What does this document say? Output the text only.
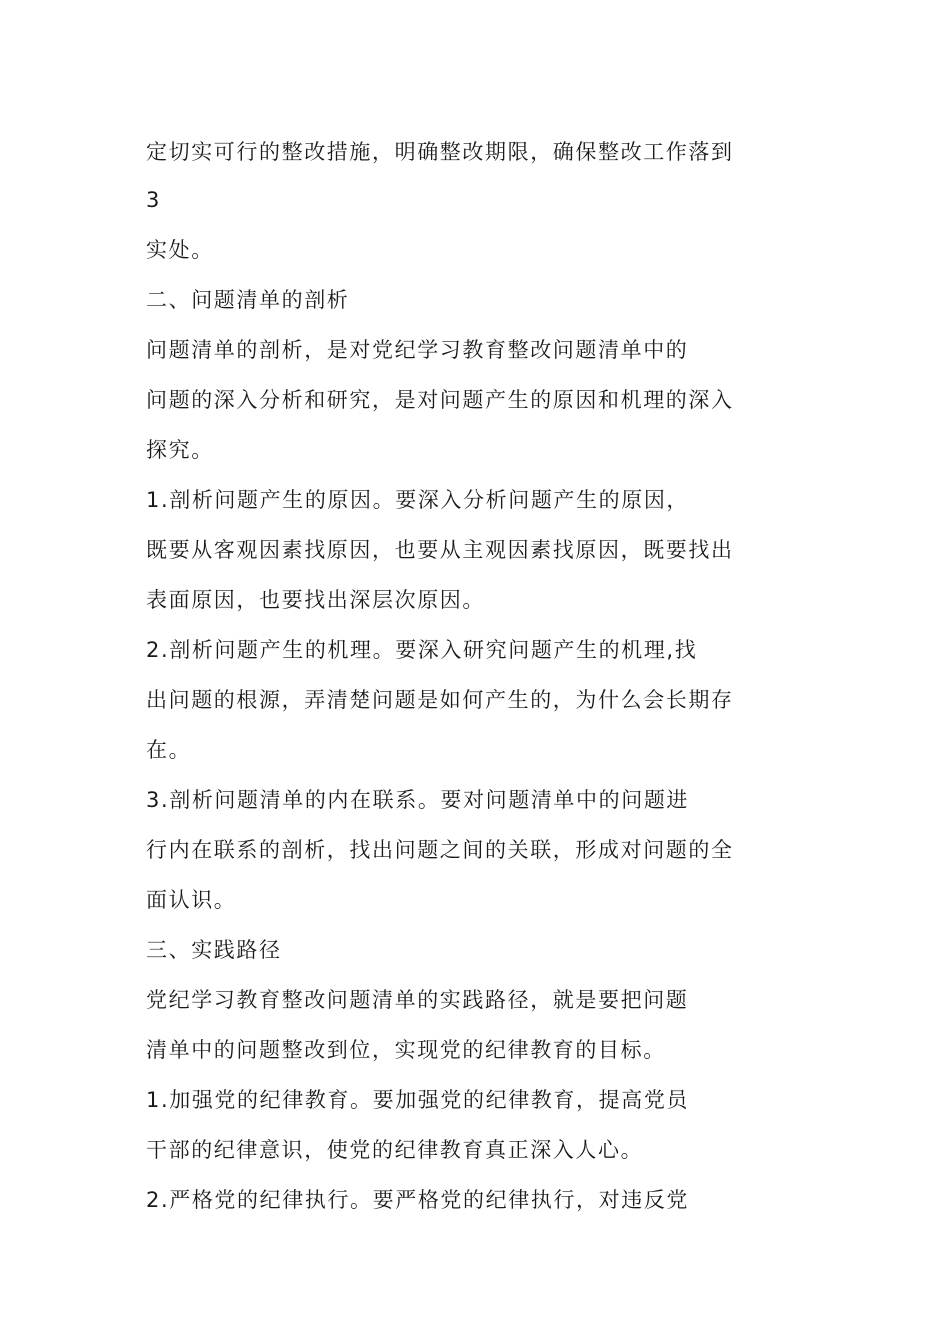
定切实可行的整改措施，明确整改期限，确保整改工作落到
3
实处。
二、问题清单的剖析
问题清单的剖析，是对党纪学习教育整改问题清单中的
问题的深入分析和研究，是对问题产生的原因和机理的深入
探究。
1.剖析问题产生的原因。要深入分析问题产生的原因，
既要从客观因素找原因，也要从主观因素找原因，既要找出
表面原因，也要找出深层次原因。
2.剖析问题产生的机理。要深入研究问题产生的机理,找
出问题的根源，弄清楚问题是如何产生的，为什么会长期存
在。
3.剖析问题清单的内在联系。要对问题清单中的问题进
行内在联系的剖析，找出问题之间的关联，形成对问题的全
面认识。
三、实践路径
党纪学习教育整改问题清单的实践路径，就是要把问题
清单中的问题整改到位，实现党的纪律教育的目标。
1.加强党的纪律教育。要加强党的纪律教育，提高党员
干部的纪律意识，使党的纪律教育真正深入人心。
2.严格党的纪律执行。要严格党的纪律执行，对违反党
